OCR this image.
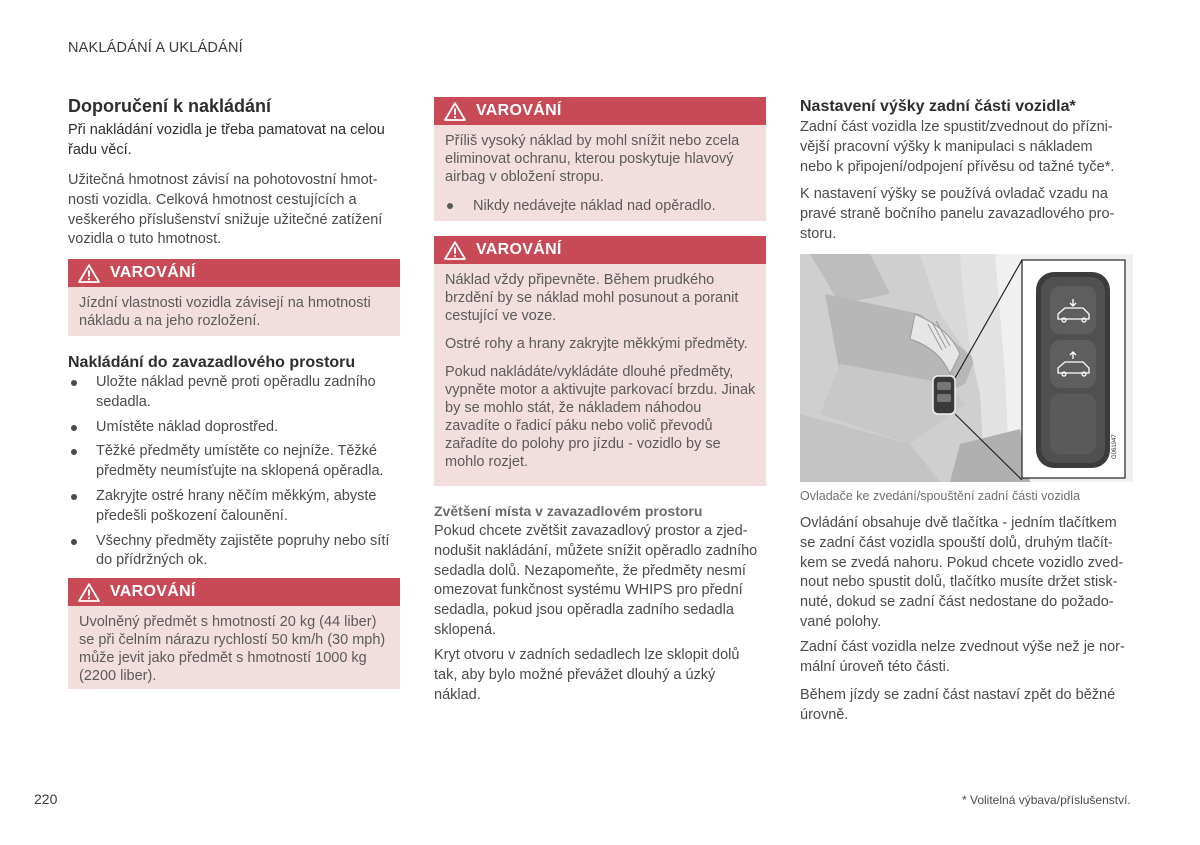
NAKLÁDÁNÍ A UKLÁDÁNÍ
Doporučení k nakládání

Při nakládání vozidla je třeba pamatovat na celou řadu věcí.

Užitečná hmotnost závisí na pohotovostní hmotnosti vozidla. Celková hmotnost cestujících a veškerého příslušenství snižuje užitečné zatížení vozidla o tuto hmotnost.

VAROVÁNÍ

Jízdní vlastnosti vozidla závisejí na hmotnosti nákladu a na jeho rozložení.

Nakládání do zavazadlového prostoru
Uložte náklad pevně proti opěradlu zadního sedadla.
Umístěte náklad doprostřed.
Těžké předměty umístěte co nejníže. Těžké předměty neumísťujte na sklopená opěradla.
Zakryjte ostré hrany něčím měkkým, abyste předešli poškození čalounění.
Všechny předměty zajistěte popruhy nebo sítí do přídržných ok.
VAROVÁNÍ

Uvolněný předmět s hmotností 20 kg (44 liber) se při čelním nárazu rychlostí 50 km/h (30 mph) může jevit jako předmět s hmotností 1000 kg (2200 liber).

VAROVÁNÍ

Příliš vysoký náklad by mohl snížit nebo zcela eliminovat ochranu, kterou poskytuje hlavový airbag v obložení stropu.

Nikdy nedávejte náklad nad opěradlo.
VAROVÁNÍ

Náklad vždy připevněte. Během prudkého brzdění by se náklad mohl posunout a poranit cestující ve voze.

Ostré rohy a hrany zakryjte měkkými předměty.

Pokud nakládáte/vykládáte dlouhé předměty, vypněte motor a aktivujte parkovací brzdu. Jinak by se mohlo stát, že nákladem náhodou zavadíte o řadicí páku nebo volič převodů zařadíte do polohy pro jízdu - vozidlo by se mohlo rozjet.

Zvětšení místa v zavazadlovém prostoru

Pokud chcete zvětšit zavazadlový prostor a zjednodušit nakládání, můžete snížit opěradlo zadního sedadla dolů. Nezapomeňte, že předměty nesmí omezovat funkčnost systému WHIPS pro přední sedadla, pokud jsou opěradla zadního sedadla sklopená.

Kryt otvoru v zadních sedadlech lze sklopit dolů tak, aby bylo možné převážet dlouhý a úzký náklad.

Nastavení výšky zadní části vozidla*

Zadní část vozidla lze spustit/zvednout do příznivější pracovní výšky k manipulaci s nákladem nebo k připojení/odpojení přívěsu od tažné tyče*.

K nastavení výšky se používá ovladač vzadu na pravé straně bočního panelu zavazadlového prostoru.

G061947
Ovladače ke zvedání/spouštění zadní části vozidla

Ovládání obsahuje dvě tlačítka - jedním tlačítkem se zadní část vozidla spouští dolů, druhým tlačítkem se zvedá nahoru. Pokud chcete vozidlo zvednout nebo spustit dolů, tlačítko musíte držet stisknuté, dokud se zadní část nedostane do požadované polohy.

Zadní část vozidla nelze zvednout výše než je normální úroveň této části.

Během jízdy se zadní část nastaví zpět do běžné úrovně.

220	* Volitelná výbava/příslušenství.
